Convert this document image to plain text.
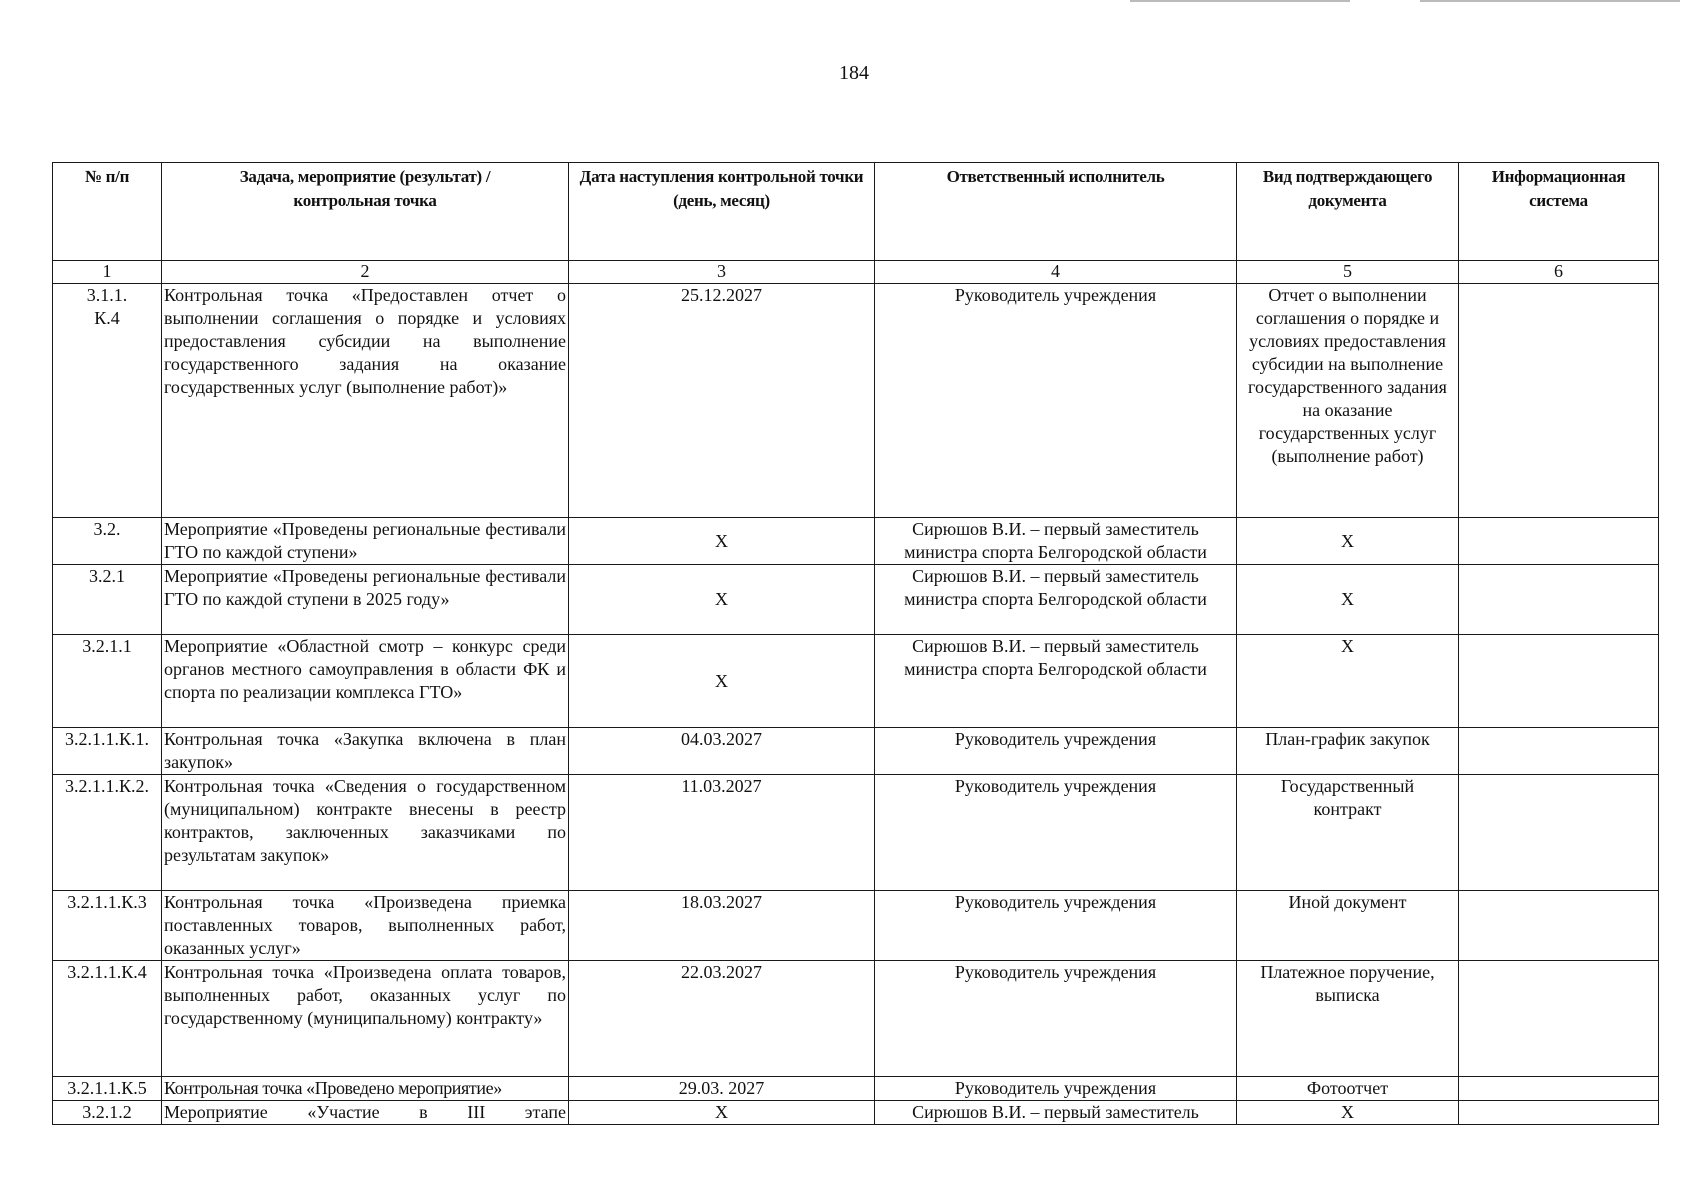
184
№ п/п	Задача, мероприятие (результат) / контрольная точка	Дата наступления контрольной точки (день, месяц)	Ответственный исполнитель	Вид подтверждающего документа	Информационная система
1	2	3	4	5	6
3.1.1. К.4	Контрольная точка «Предоставлен отчет о выполнении соглашения о порядке и условиях предоставления субсидии на выполнение государственного задания на оказание государственных услуг (выполнение работ)»	25.12.2027	Руководитель учреждения	Отчет о выполнении соглашения о порядке и условиях предоставления субсидии на выполнение государственного задания на оказание государственных услуг (выполнение работ)	
3.2.	Мероприятие «Проведены региональные фестивали ГТО по каждой ступени»	X	Сирюшов В.И. – первый заместитель министра спорта Белгородской области	X	
3.2.1	Мероприятие «Проведены региональные фестивали ГТО по каждой ступени в 2025 году»	X	Сирюшов В.И. – первый заместитель министра спорта Белгородской области	X	
3.2.1.1	Мероприятие «Областной смотр – конкурс среди органов местного самоуправления в области ФК и спорта по реализации комплекса ГТО»	X	Сирюшов В.И. – первый заместитель министра спорта Белгородской области	X	
3.2.1.1.К.1.	Контрольная точка «Закупка включена в план закупок»	04.03.2027	Руководитель учреждения	План-график закупок	
3.2.1.1.К.2.	Контрольная точка «Сведения о государственном (муниципальном) контракте внесены в реестр контрактов, заключенных заказчиками по результатам закупок»	11.03.2027	Руководитель учреждения	Государственный контракт	
3.2.1.1.К.3	Контрольная точка «Произведена приемка поставленных товаров, выполненных работ, оказанных услуг»	18.03.2027	Руководитель учреждения	Иной документ	
3.2.1.1.К.4	Контрольная точка «Произведена оплата товаров, выполненных работ, оказанных услуг по государственному (муниципальному) контракту»	22.03.2027	Руководитель учреждения	Платежное поручение, выписка	
3.2.1.1.К.5	Контрольная точка «Проведено мероприятие»	29.03. 2027	Руководитель учреждения	Фотоотчет	
3.2.1.2	Мероприятие «Участие в III этапе	X	Сирюшов В.И. – первый заместитель	X	
